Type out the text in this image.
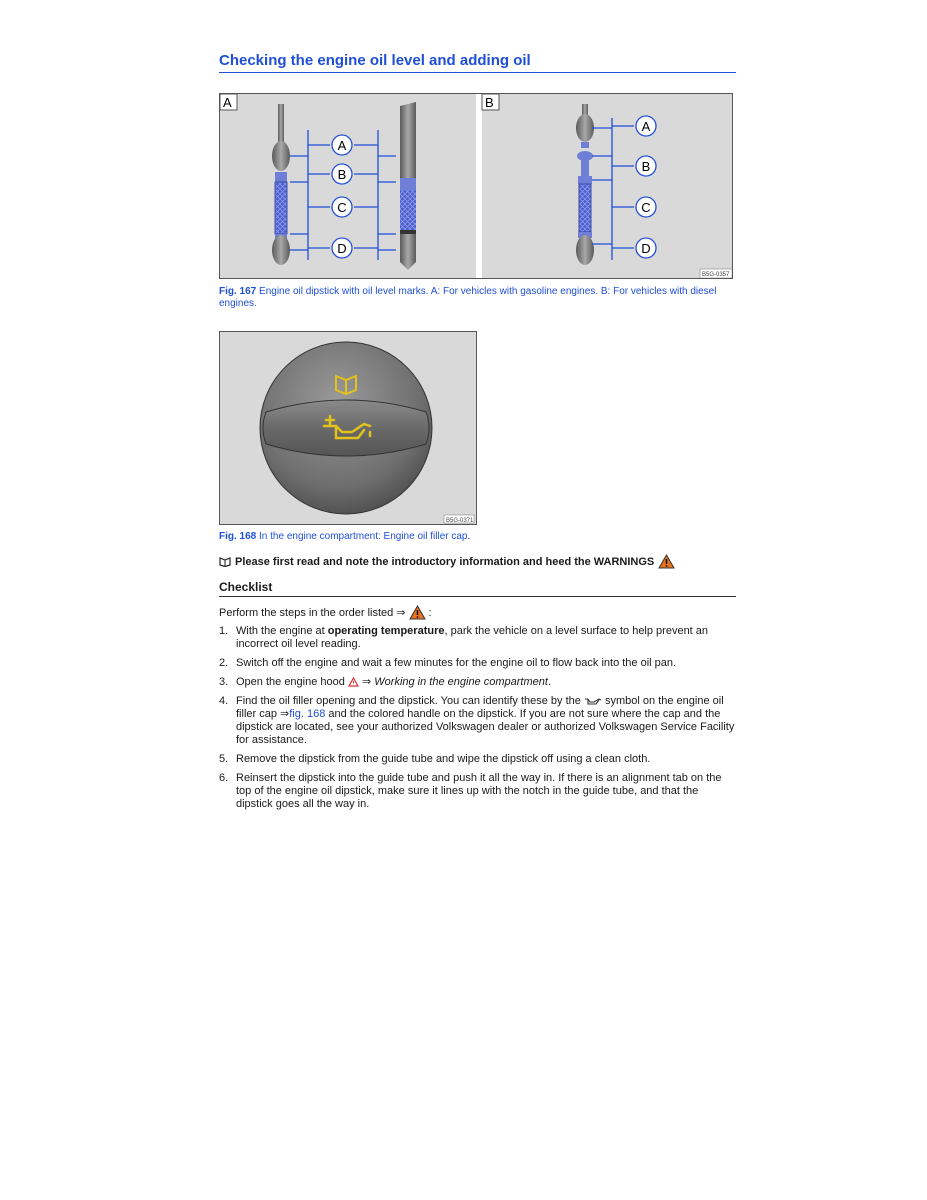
Checking the engine oil level and adding oil
A	B
A
B
C
D
A
B
C
D
B5G-0357
Fig. 167 Engine oil dipstick with oil level marks. A: For vehicles with gasoline engines. B: For vehicles with diesel engines.
B5G-0371
Fig. 168 In the engine compartment: Engine oil filler cap.
Please first read and note the introductory information and heed the WARNINGS
Checklist
Perform the steps in the order listed ⇒ :
1. With the engine at operating temperature, park the vehicle on a level surface to help prevent an incorrect oil level reading.
2. Switch off the engine and wait a few minutes for the engine oil to flow back into the oil pan.
3. Open the engine hood  ⇒ Working in the engine compartment.
4. Find the oil filler opening and the dipstick. You can identify these by the  symbol on the engine oil filler cap ⇒fig. 168 and the colored handle on the dipstick. If you are not sure where the cap and the dipstick are located, see your authorized Volkswagen dealer or authorized Volkswagen Service Facility for assistance.
5. Remove the dipstick from the guide tube and wipe the dipstick off using a clean cloth.
6. Reinsert the dipstick into the guide tube and push it all the way in. If there is an alignment tab on the top of the engine oil dipstick, make sure it lines up with the notch in the guide tube, and that the dipstick goes all the way in.
